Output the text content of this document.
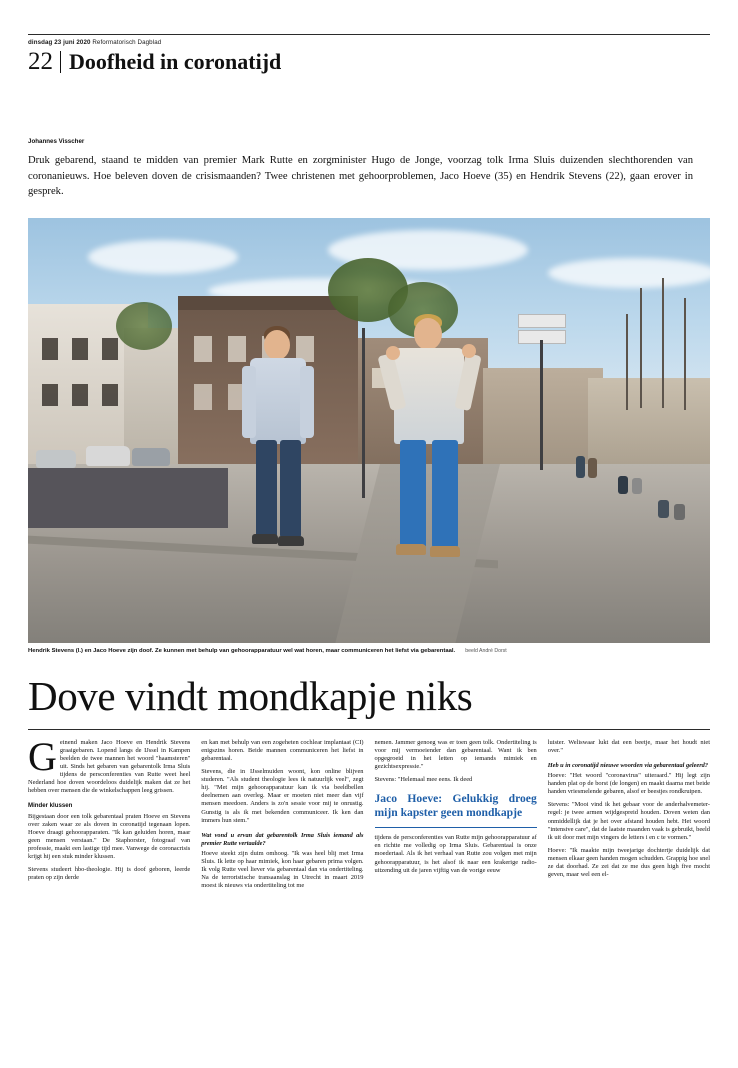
dinsdag 23 juni 2020 Reformatorisch Dagblad
22 Doofheid in coronatijd
Johannes Visscher
Druk gebarend, staand te midden van premier Mark Rutte en zorgminister Hugo de Jonge, voorzag tolk Irma Sluis duizenden slechthorenden van coronanieuws. Hoe beleven doven de crisismaanden? Twee christenen met gehoorproblemen, Jaco Hoeve (35) en Hendrik Stevens (22), gaan erover in gesprek.
Hendrik Stevens (l.) en Jaco Hoeve zijn doof. Ze kunnen met behulp van gehoorapparatuur wel wat horen, maar communiceren het liefst via gebarentaal. beeld André Dorst
Dove vindt mondkapje niks

G einend maken Jaco Hoeve en Hendrik Stevens graaigebaren. Lopend langs de IJssel in Kampen beelden de twee mannen het woord "haamsteren" uit. Sinds het gebaren van gebarentolk Irma Sluis tijdens de persconferenties van Rutte weet heel Nederland hoe doven woordeloos duidelijk maken dat ze het hebben over mensen die de winkelschappen leeg grissen.

Minder klussen

Bijgestaan door een tolk gebarentaal praten Hoeve en Stevens over zaken waar ze als doven in coronatijd tegenaan lopen. Hoeve draagt gehoorapparaten. "Ik kan geluiden horen, maar geen mensen verstaan." De Staphorster, fotograaf van professie, maakt een lastige tijd mee. Vanwege de coronacrisis krijgt hij een stuk minder klussen.

Stevens studeert hbo-theologie. Hij is doof geboren, leerde praten op zijn derde

en kan met behulp van een zogeheten cochlear implantaat (CI) enigszins horen. Beide mannen communiceren het liefst in gebarentaal.

Stevens, die in IJsselmuiden woont, kon online blijven studeren. "Als student theologie lees ik natuurlijk veel", zegt hij. "Met mijn gehoorapparatuur kan ik via beeldbellen deelnemen aan overleg. Maar er moeten niet meer dan vijf mensen meedoen. Anders is zo'n sessie voor mij te onrustig. Gunstig is als ik met bekenden communiceer. Ik ken dan immers hun stem."

Wat vond u ervan dat gebarentolk Irma Sluis iemand als premier Rutte vertaalde?

Hoeve steekt zijn duim omhoog. "Ik was heel blij met Irma Sluis. Ik lette op haar mimiek, kon haar gebaren prima volgen. Ik volg Rutte veel liever via gebarentaal dan via ondertiteling. Na de terroristische transaanslag in Utrecht in maart 2019 moest ik nieuws via ondertiteling tot me

nemen. Jammer genoeg was er toen geen tolk. Ondertiteling is voor mij vermoeiender dan gebarentaal. Want ik ben opgegroeid in het letten op iemands mimiek en gezichtsexpressie."

Stevens: "Helemaal mee eens. Ik deed

Jaco Hoeve: Gelukkig droeg mijn kapster geen mondkapje

tijdens de persconferenties van Rutte mijn gehoorapparatuur af en richtte me volledig op Irma Sluis. Gebarentaal is onze moedertaal. Als ik het verhaal van Rutte zou volgen met mijn gehoorapparatuur, is het alsof ik naar een krakerige radio-uitzending uit de jaren vijftig van de vorige eeuw

luister. Weliswaar lukt dat een beetje, maar het houdt niet over."

Heb u in coronatijd nieuwe woorden via gebarentaal geleerd?

Hoeve: "Het woord "coronavirus" uiteraard." Hij legt zijn handen plat op de borst (de longen) en maakt daarna met beide handen vriesmelende gebaren, alsof er beestjes rondkruipen.

Stevens: "Mooi vind ik het gebaar voor de anderhalvemeter-regel: je twee armen wijdgespreid houden. Doven weten dan onmiddellijk dat je het over afstand houden hebt. Het woord "intensive care", dat de laatste maanden vaak is gebruikt, beeld ik uit door met mijn vingers de letters i en c te vormen."

Hoeve: "Ik maakte mijn tweejarige dochtertje duidelijk dat mensen elkaar geen handen mogen schudden. Grappig hoe snel ze dat doorhad. Ze zei dat ze me dus geen high five mocht geven, maar wel een el-
